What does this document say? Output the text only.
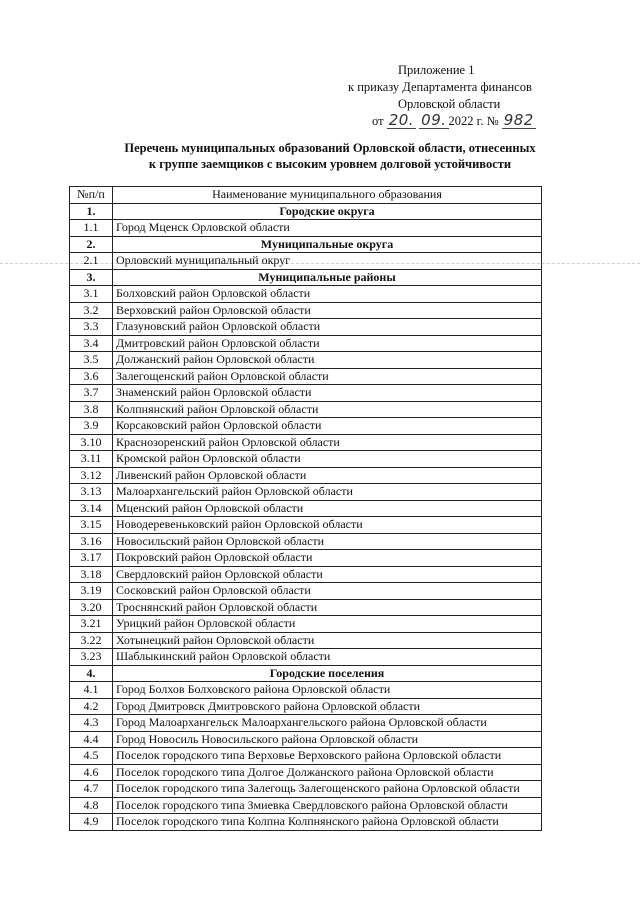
Приложение 1
к приказу Департамента финансов
Орловской области
от 20. 09. 2022 г. № 982
Перечень муниципальных образований Орловской области, отнесенных
к группе заемщиков с высоким уровнем долговой устойчивости
№п/п	Наименование муниципального образования
1.	Городские округа
1.1	Город Мценск Орловской области
2.	Муниципальные округа
2.1	Орловский муниципальный округ
3.	Муниципальные районы
3.1	Болховский район Орловской области
3.2	Верховский район Орловской области
3.3	Глазуновский район Орловской области
3.4	Дмитровский район Орловской области
3.5	Должанский район Орловской области
3.6	Залегощенский район Орловской области
3.7	Знаменский район Орловской области
3.8	Колпнянский район Орловской области
3.9	Корсаковский район Орловской области
3.10	Краснозоренский район Орловской области
3.11	Кромской район Орловской области
3.12	Ливенский район Орловской области
3.13	Малоархангельский район Орловской области
3.14	Мценский район Орловской области
3.15	Новодеревеньковский район Орловской области
3.16	Новосильский район Орловской области
3.17	Покровский район Орловской области
3.18	Свердловский район Орловской области
3.19	Сосковский район Орловской области
3.20	Троснянский район Орловской области
3.21	Урицкий район Орловской области
3.22	Хотынецкий район Орловской области
3.23	Шаблыкинский район Орловской области
4.	Городские поселения
4.1	Город Болхов Болховского района Орловской области
4.2	Город Дмитровск Дмитровского района Орловской области
4.3	Город Малоархангельск Малоархангельского района Орловской области
4.4	Город Новосиль Новосильского района Орловской области
4.5	Поселок городского типа Верховье Верховского района Орловской области
4.6	Поселок городского типа Долгое Должанского района Орловской области
4.7	Поселок городского типа Залегощь Залегощенского района Орловской области
4.8	Поселок городского типа Змиевка Свердловского района Орловской области
4.9	Поселок городского типа Колпна Колпнянского района Орловской области
